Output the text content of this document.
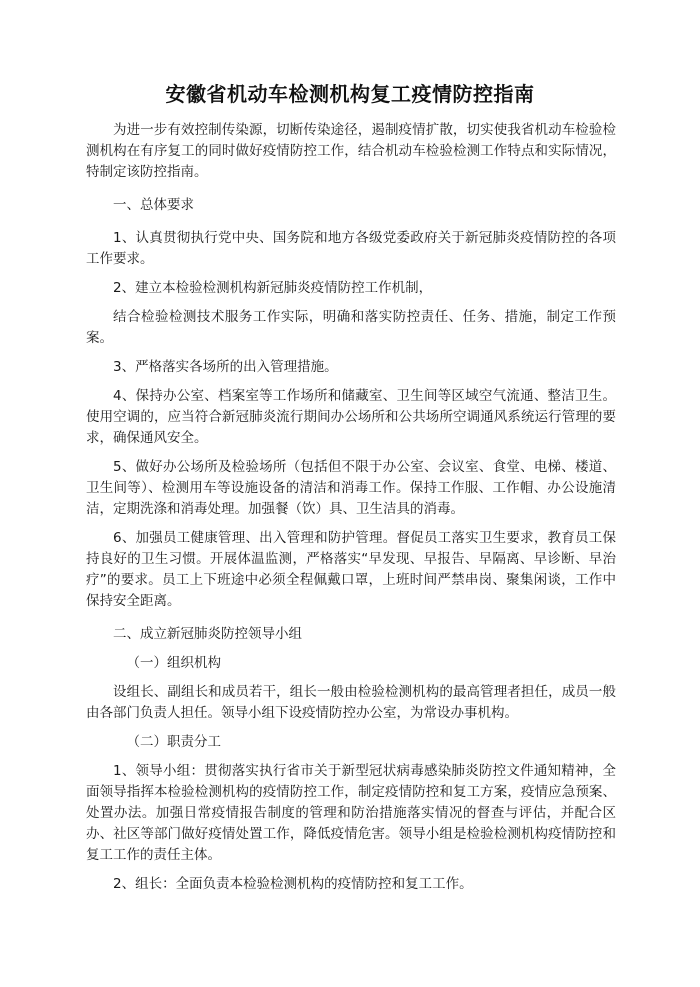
安徽省机动车检测机构复工疫情防控指南

为进一步有效控制传染源，切断传染途径，遏制疫情扩散，切实使我省机动车检验检测机构在有序复工的同时做好疫情防控工作，结合机动车检验检测工作特点和实际情况，特制定该防控指南。

一、总体要求

1、认真贯彻执行党中央、国务院和地方各级党委政府关于新冠肺炎疫情防控的各项工作要求。

2、建立本检验检测机构新冠肺炎疫情防控工作机制，

结合检验检测技术服务工作实际，明确和落实防控责任、任务、措施，制定工作预案。

3、严格落实各场所的出入管理措施。

4、保持办公室、档案室等工作场所和储藏室、卫生间等区域空气流通、整洁卫生。使用空调的，应当符合新冠肺炎流行期间办公场所和公共场所空调通风系统运行管理的要求，确保通风安全。

5、做好办公场所及检验场所（包括但不限于办公室、会议室、食堂、电梯、楼道、卫生间等）、检测用车等设施设备的清洁和消毒工作。保持工作服、工作帽、办公设施清洁，定期洗涤和消毒处理。加强餐（饮）具、卫生洁具的消毒。

6、加强员工健康管理、出入管理和防护管理。督促员工落实卫生要求，教育员工保持良好的卫生习惯。开展体温监测，严格落实“早发现、早报告、早隔离、早诊断、早治疗”的要求。员工上下班途中必须全程佩戴口罩，上班时间严禁串岗、聚集闲谈，工作中保持安全距离。

二、成立新冠肺炎防控领导小组

（一）组织机构

设组长、副组长和成员若干，组长一般由检验检测机构的最高管理者担任，成员一般由各部门负责人担任。领导小组下设疫情防控办公室，为常设办事机构。

（二）职责分工

1、领导小组：贯彻落实执行省市关于新型冠状病毒感染肺炎防控文件通知精神，全面领导指挥本检验检测机构的疫情防控工作，制定疫情防控和复工方案，疫情应急预案、处置办法。加强日常疫情报告制度的管理和防治措施落实情况的督查与评估，并配合区办、社区等部门做好疫情处置工作，降低疫情危害。领导小组是检验检测机构疫情防控和复工工作的责任主体。

2、组长：全面负责本检验检测机构的疫情防控和复工工作。
